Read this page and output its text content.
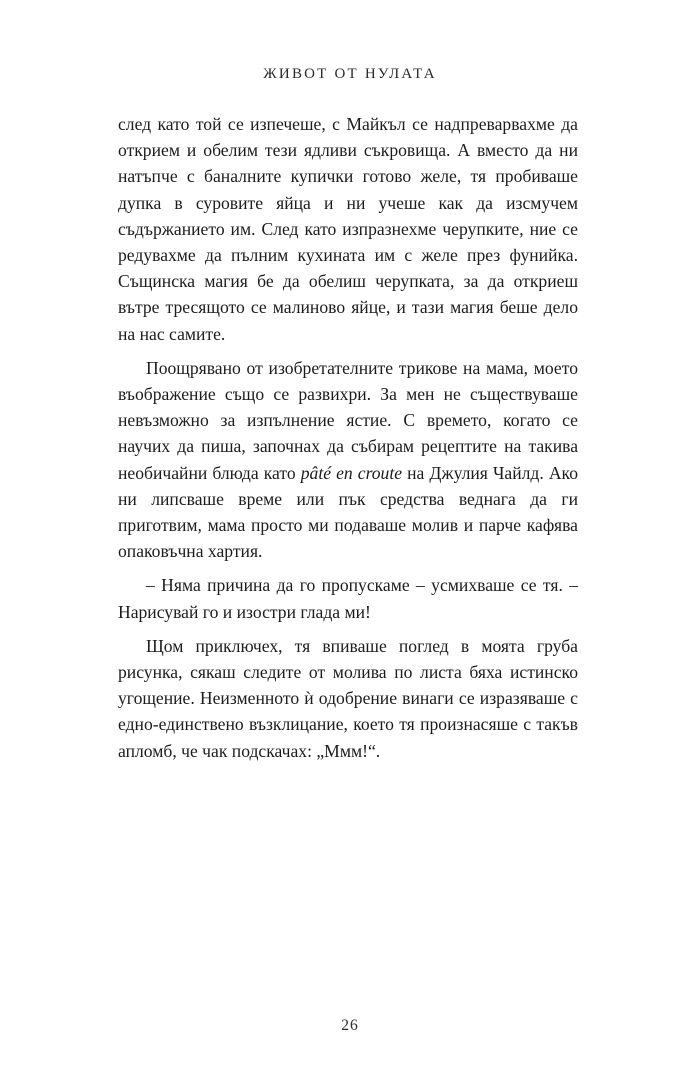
ЖИВОТ ОТ НУЛАТА

след като той се изпечеше, с Майкъл се надпреварвахме да открием и обелим тези ядливи съкровища. А вместо да ни натъпче с баналните купички готово желе, тя пробиваше дупка в суровите яйца и ни учеше как да изсмучем съдържанието им. След като изпразнехме черупките, ние се редувахме да пълним кухината им с желе през фунийка. Същинска магия бе да обелиш черупката, за да откриеш вътре тресящото се малиново яйце, и тази магия беше дело на нас самите.

Поощрявано от изобретателните трикове на мама, моето въображение също се развихри. За мен не съществуваше невъзможно за изпълнение ястие. С времето, когато се научих да пиша, започнах да събирам рецептите на такива необичайни блюда като pâté en croute на Джулия Чайлд. Ако ни липсваше време или пък средства веднага да ги приготвим, мама просто ми подаваше молив и парче кафява опаковъчна хартия.

– Няма причина да го пропускаме – усмихваше се тя. – Нарисувай го и изостри глада ми!

Щом приключех, тя впиваше поглед в моята груба рисунка, сякаш следите от молива по листа бяха истинско угощение. Неизменното ѝ одобрение винаги се изразяваше с едно-единствено възклицание, което тя произнасяше с такъв апломб, че чак подскачах: „Ммм!“.

26
